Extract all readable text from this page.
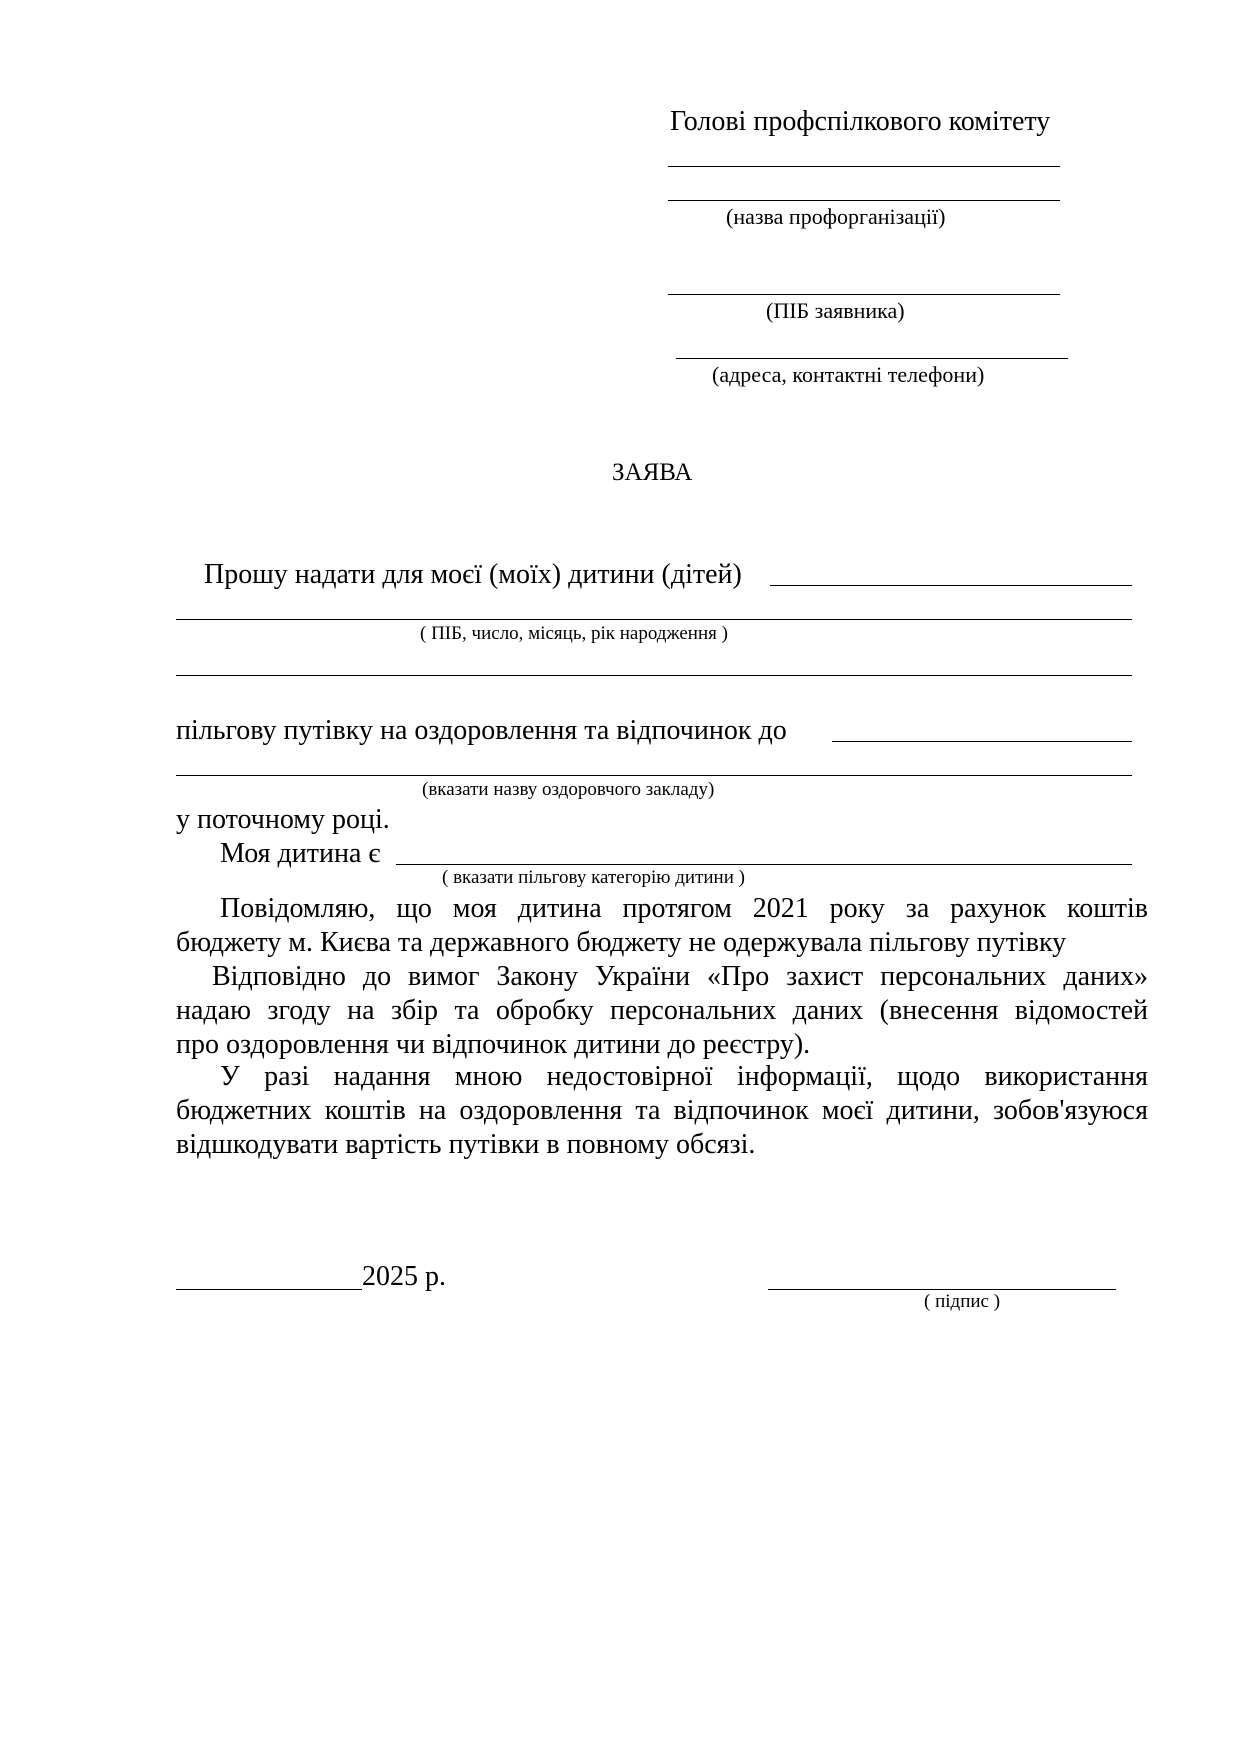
Голові профспілкового комітету
(назва профорганізації)
(ПІБ заявника)
(адреса, контактні телефони)
ЗАЯВА
Прошу надати для моєї (моїх) дитини (дітей)
( ПІБ, число, місяць, рік народження )
пільгову путівку на оздоровлення та відпочинок до
(вказати назву оздоровчого закладу)
у поточному році.
Моя дитина є
( вказати пільгову категорію дитини )
Повідомляю, що моя дитина протягом 2021 року за рахунок коштів
бюджету м. Києва та державного бюджету не одержувала пільгову путівку
Відповідно до вимог Закону України «Про захист персональних даних»
надаю згоду на збір та обробку персональних даних (внесення відомостей
про оздоровлення чи відпочинок дитини до реєстру).
У разі надання мною недостовірної інформації, щодо використання
бюджетних коштів на оздоровлення та відпочинок моєї дитини, зобов'язуюся
відшкодувати вартість путівки в повному обсязі.
2025 р.
( підпис )
